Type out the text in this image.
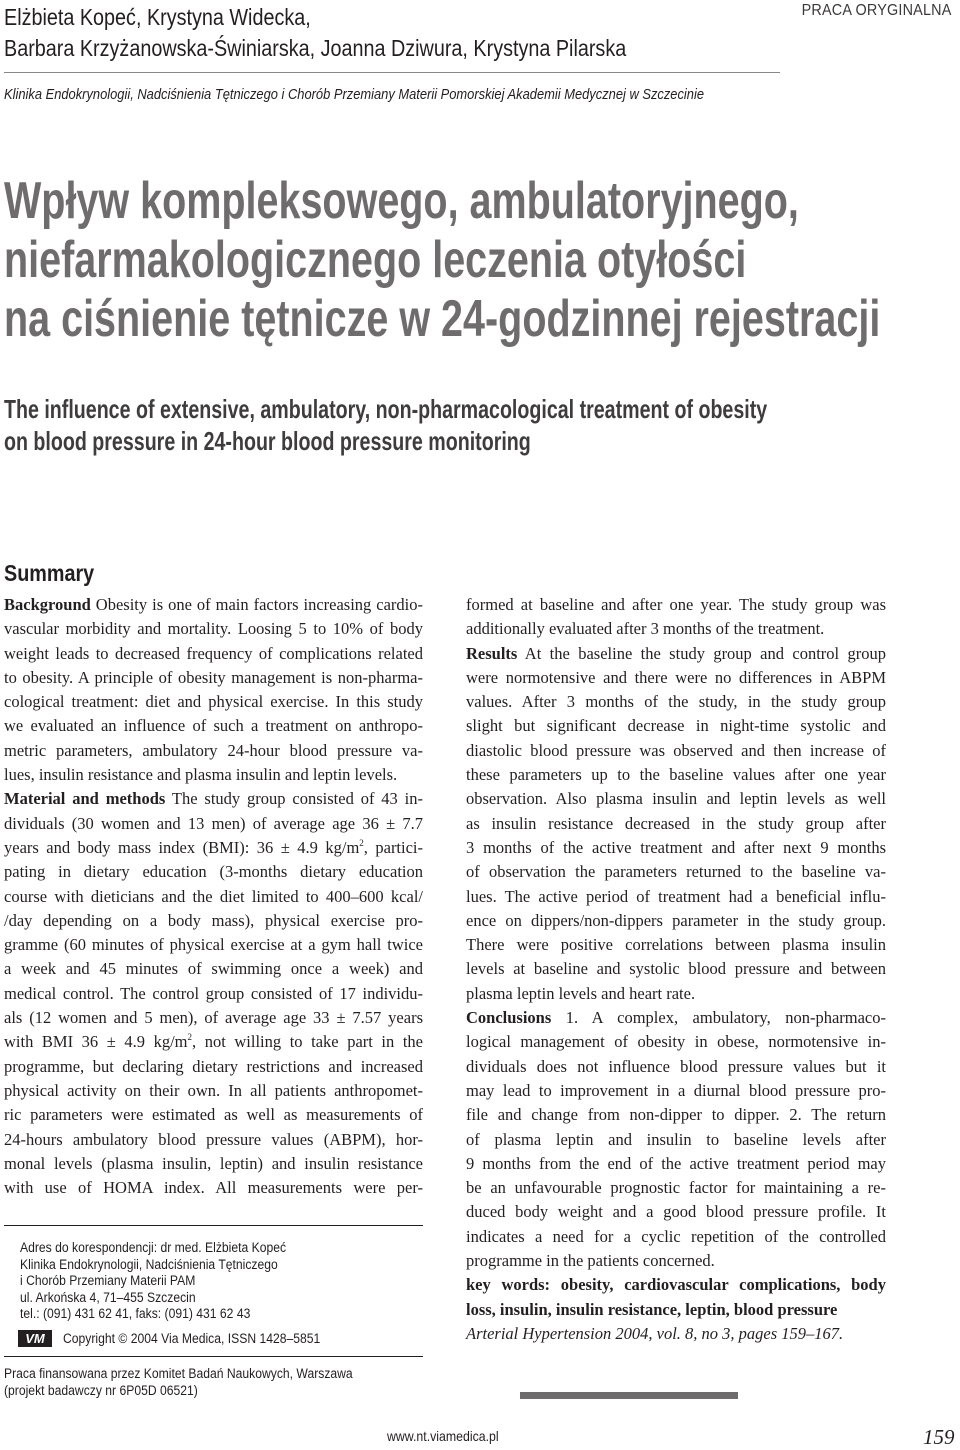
Elżbieta Kopeć, Krystyna Widecka,
Barbara Krzyżanowska-Świniarska, Joanna Dziwura, Krystyna Pilarska
PRACA ORYGINALNA
Klinika Endokrynologii, Nadciśnienia Tętniczego i Chorób Przemiany Materii Pomorskiej Akademii Medycznej w Szczecinie
Wpływ kompleksowego, ambulatoryjnego,
niefarmakologicznego leczenia otyłości
na ciśnienie tętnicze w 24-godzinnej rejestracji
The influence of extensive, ambulatory, non-pharmacological treatment of obesity
on blood pressure in 24-hour blood pressure monitoring
Summary
Background Obesity is one of main factors increasing cardio-
vascular morbidity and mortality. Loosing 5 to 10% of body
weight leads to decreased frequency of complications related
to obesity. A principle of obesity management is non-pharma-
cological treatment: diet and physical exercise. In this study
we evaluated an influence of such a treatment on anthropo-
metric parameters, ambulatory 24-hour blood pressure va-
lues, insulin resistance and plasma insulin and leptin levels.
Material and methods The study group consisted of 43 in-
dividuals (30 women and 13 men) of average age 36 ± 7.7
years and body mass index (BMI): 36 ± 4.9 $kg/m^2$, partici-
pating in dietary education (3-months dietary education
course with dieticians and the diet limited to 400–600 kcal/
/day depending on a body mass), physical exercise pro-
gramme (60 minutes of physical exercise at a gym hall twice
a week and 45 minutes of swimming once a week) and
medical control. The control group consisted of 17 individu-
als (12 women and 5 men), of average age 33 ± 7.57 years
with BMI 36 ± 4.9 $kg/m^2$, not willing to take part in the
programme, but declaring dietary restrictions and increased
physical activity on their own. In all patients anthropomet-
ric parameters were estimated as well as measurements of
24-hours ambulatory blood pressure values (ABPM), hor-
monal levels (plasma insulin, leptin) and insulin resistance
with use of HOMA index. All measurements were per-
formed at baseline and after one year. The study group was
additionally evaluated after 3 months of the treatment.
Results At the baseline the study group and control group
were normotensive and there were no differences in ABPM
values. After 3 months of the study, in the study group
slight but significant decrease in night-time systolic and
diastolic blood pressure was observed and then increase of
these parameters up to the baseline values after one year
observation. Also plasma insulin and leptin levels as well
as insulin resistance decreased in the study group after
3 months of the active treatment and after next 9 months
of observation the parameters returned to the baseline va-
lues. The active period of treatment had a beneficial influ-
ence on dippers/non-dippers parameter in the study group.
There were positive correlations between plasma insulin
levels at baseline and systolic blood pressure and between
plasma leptin levels and heart rate.
Conclusions 1. A complex, ambulatory, non-pharmaco-
logical management of obesity in obese, normotensive in-
dividuals does not influence blood pressure values but it
may lead to improvement in a diurnal blood pressure pro-
file and change from non-dipper to dipper. 2. The return
of plasma leptin and insulin to baseline levels after
9 months from the end of the active treatment period may
be an unfavourable prognostic factor for maintaining a re-
duced body weight and a good blood pressure profile. It
indicates a need for a cyclic repetition of the controlled
programme in the patients concerned.
key words: obesity, cardiovascular complications, body
loss, insulin, insulin resistance, leptin, blood pressure
Arterial Hypertension 2004, vol. 8, no 3, pages 159–167.
Adres do korespondencji: dr med. Elżbieta Kopeć
Klinika Endokrynologii, Nadciśnienia Tętniczego
i Chorób Przemiany Materii PAM
ul. Arkońska 4, 71–455 Szczecin
tel.: (091) 431 62 41, faks: (091) 431 62 43
VM	Copyright © 2004 Via Medica, ISSN 1428–5851
Praca finansowana przez Komitet Badań Naukowych, Warszawa
(projekt badawczy nr 6P05D 06521)
www.nt.viamedica.pl	159
